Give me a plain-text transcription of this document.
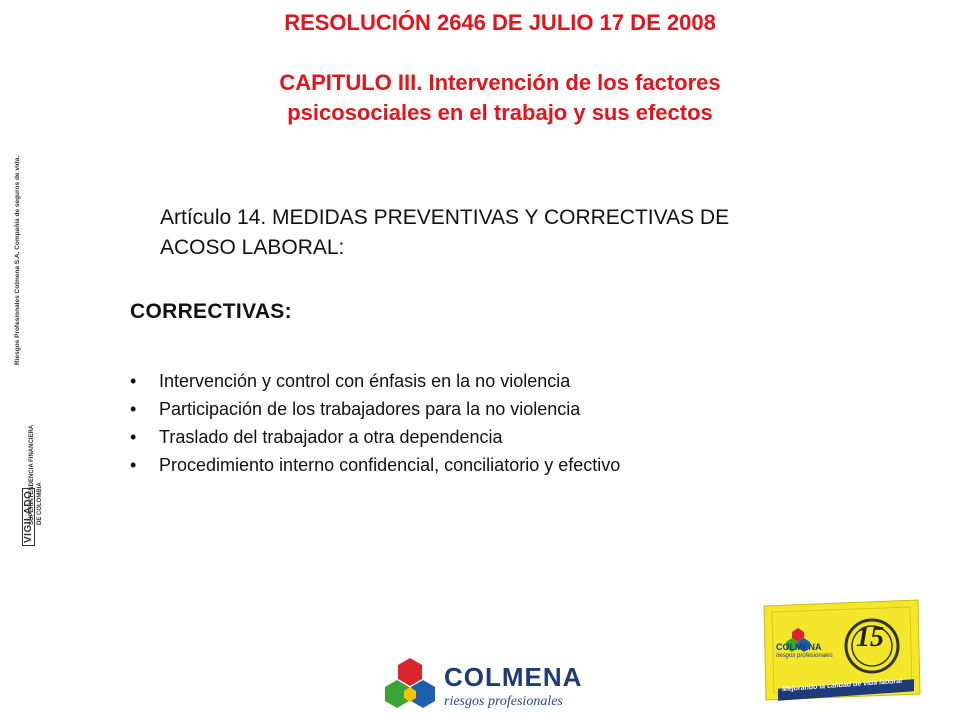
RESOLUCIÓN 2646 DE JULIO 17 DE 2008

CAPITULO III. Intervención de los factores
psicosociales en el trabajo y sus efectos

Artículo 14. MEDIDAS PREVENTIVAS Y CORRECTIVAS DE
ACOSO LABORAL:

CORRECTIVAS:

• Intervención y control con énfasis en la no violencia
• Participación de los trabajadores para la no violencia
• Traslado del trabajador a otra dependencia
• Procedimiento interno confidencial, conciliatorio y efectivo
Riesgos Profesionales Colmena S.A. Compañía de seguros de vida.
SUPERINTENDENCIA FINANCIERA DE COLOMBIA
VIGILADO
COLMENA
riesgos profesionales
15
COLMENA
riesgos profesionales
Mejorando la calidad de vida laboral
